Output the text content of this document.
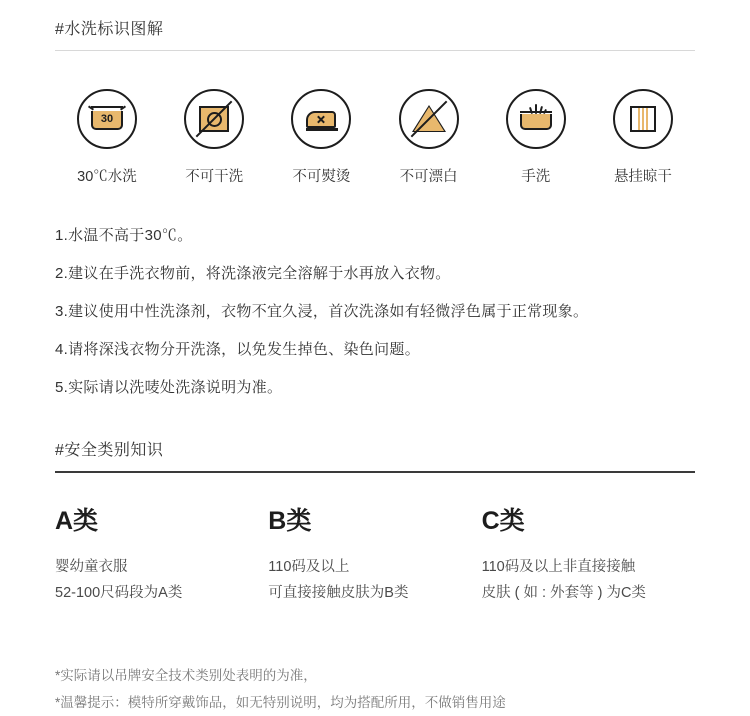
#水洗标识图解
30
30℃水洗	不可干洗	不可熨烫	不可漂白	手洗	悬挂晾干
1.水温不高于30℃。
2.建议在手洗衣物前，将洗涤液完全溶解于水再放入衣物。
3.建议使用中性洗涤剂，衣物不宜久浸，首次洗涤如有轻微浮色属于正常现象。
4.请将深浅衣物分开洗涤，以免发生掉色、染色问题。
5.实际请以洗唛处洗涤说明为准。
#安全类别知识
A类
婴幼童衣服
52-100尺码段为A类
B类
110码及以上
可直接接触皮肤为B类
C类
110码及以上非直接接触
皮肤 ( 如 : 外套等 ) 为C类
*实际请以吊牌安全技术类别处表明的为准，
*温馨提示：模特所穿戴饰品，如无特别说明，均为搭配所用，不做销售用途
